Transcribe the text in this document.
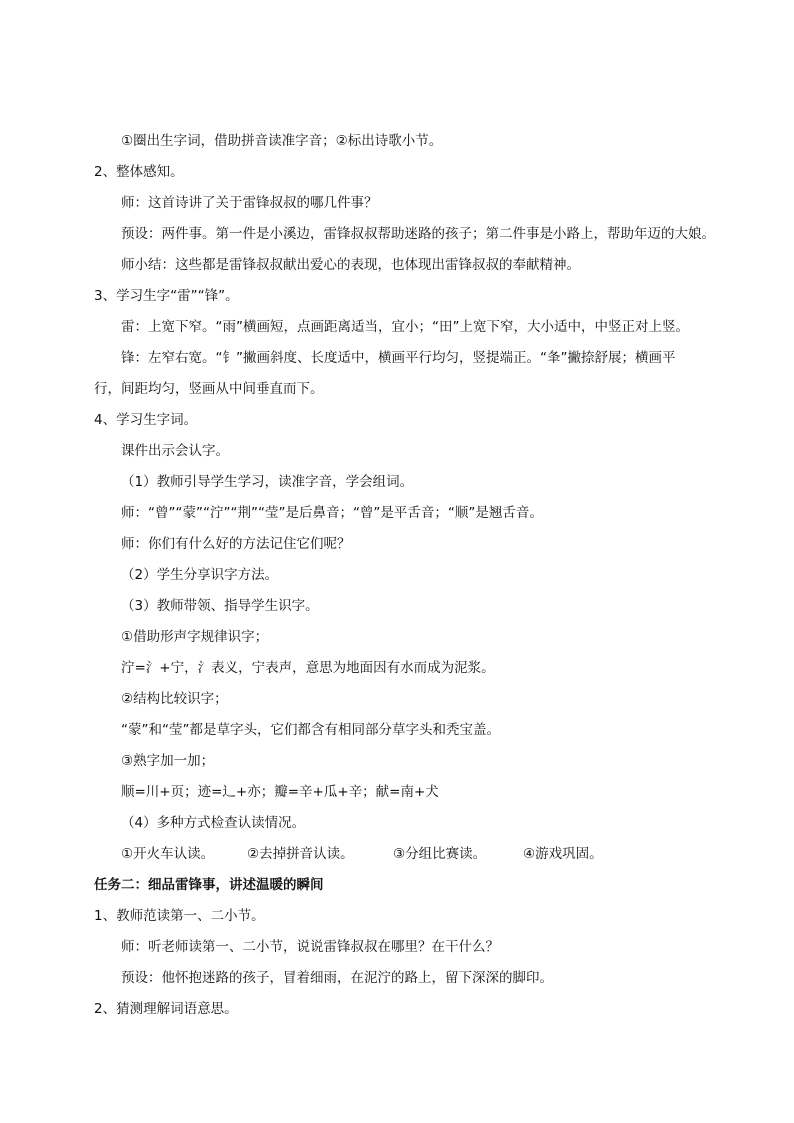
①圈出生字词，借助拼音读准字音；②标出诗歌小节。
2、整体感知。
师：这首诗讲了关于雷锋叔叔的哪几件事？
预设：两件事。第一件是小溪边，雷锋叔叔帮助迷路的孩子；第二件事是小路上，帮助年迈的大娘。
师小结：这些都是雷锋叔叔献出爱心的表现，也体现出雷锋叔叔的奉献精神。
3、学习生字“雷”“锋”。
雷：上宽下窄。“雨”横画短，点画距离适当，宜小；“田”上宽下窄，大小适中，中竖正对上竖。
锋：左窄右宽。“钅”撇画斜度、长度适中，横画平行均匀，竖提端正。“夆”撇捺舒展；横画平
行，间距均匀，竖画从中间垂直而下。
4、学习生字词。
课件出示会认字。
（1）教师引导学生学习，读准字音，学会组词。
师：“曾”“蒙”“泞”“荆”“莹”是后鼻音；“曾”是平舌音；“顺”是翘舌音。
师：你们有什么好的方法记住它们呢？
（2）学生分享识字方法。
（3）教师带领、指导学生识字。
①借助形声字规律识字；
泞=氵+宁，氵表义，宁表声，意思为地面因有水而成为泥浆。
②结构比较识字；
“蒙”和“莹”都是草字头，它们都含有相同部分草字头和秃宝盖。
③熟字加一加；
顺=川+页；迹=辶+亦；瓣=辛+瓜+辛；献=南+犬
（4）多种方式检查认读情况。
①开火车认读。 ②去掉拼音认读。	③分组比赛读。	④游戏巩固。
任务二：细品雷锋事，讲述温暖的瞬间
1、教师范读第一、二小节。
师：听老师读第一、二小节，说说雷锋叔叔在哪里？在干什么？
预设：他怀抱迷路的孩子，冒着细雨，在泥泞的路上，留下深深的脚印。
2、猜测理解词语意思。
